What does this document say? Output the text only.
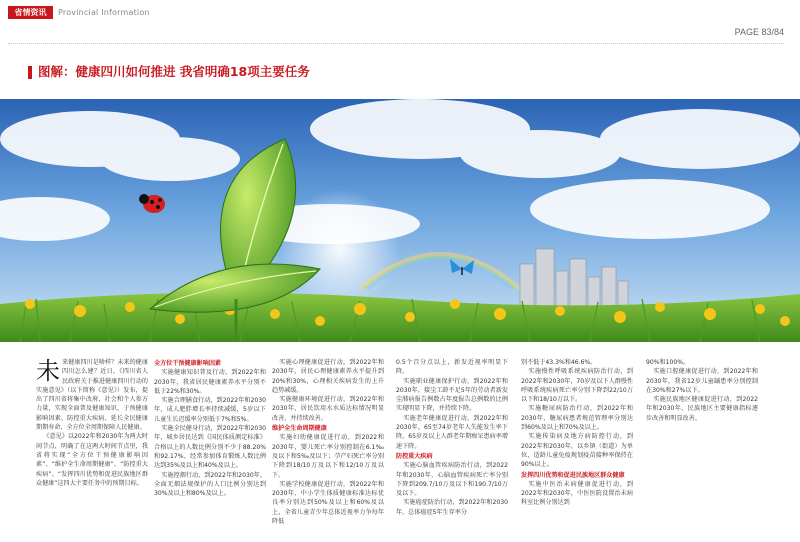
省情资讯	Provincial Information
PAGE 83/84
图解：健康四川如何推进 我省明确18项主要任务

未来健康四川是啥样？未来的健康四川怎么建？近日，《四川省人民政府关于推进健康四川行动的实施意见》（以下简称《意见》）发布，提出了四川省将集中改府、社会和个人参方力量，实现全面普及健康知识、于预健康影响因素、防控重大疾病、延长全民健康期期寿命、全方位全周期保障人民健康。

《意见》以2022年和2030年为两大时间节点，明确了在这两大时间节点里，我省将实现“全方位干预健康影响因素”、“维护全生命周期健康”、“防控重大疾病”、“发挥四川优势和促进民族地区群众健康”这四大主要任务中的预期目标。

全方位干预健康影响因素

实施健康知识普及行动，到2022年和2030年，我省居民健康素养水平分别不低于22%和30%。

实施合理膳食行动，到2022年和2030年，成人肥胖增长率持续减缓，5岁以下儿童生长迟缓率分别低于7%和5%。

实施全民健身行动，到2022年和2030年，城乡居民达到《国民体质测定标准》合格以上的人数比例分别不少于88.20%和92.17%，经常参加体育锻炼人数比例达到35%及以上和40%及以上。

实施控烟行动，到2022年和2030年，全面无烟法规保护的人口比例分别达到30%及以上和80%及以上。

实施心理健康促进行动，到2022年和2030年，居民心理健康素养水平提升到20%和30%，心理相关疾病发生的上升趋势减缓。

实施健康环境促进行动，到2022年和2030年，居民饮用水水质达标情况明显改善，并持续改善。

维护全生命周期健康

实施妇幼健康促进行动，到2022和2030年，婴儿死亡率分别控制在6.1‰及以下和5‰及以下；孕产妇死亡率分别下降到18/10万及以下和12/10万及以下。

实施学校健康促进行动，到2022年和2030年，中小学生体质健康标准达标优良率分别达到50%及以上和60%及以上，全省儿童青少年总体近视率力争每年降低

0.5个百分点以上，新发近视率明显下降。

实施职业健康保护行动，到2022年和2030年，接尘工龄不足5年的劳动者新发尘肺病报告例数占年度报告总例数的比例实现明显下降，并持续下降。

实施老年健康促进行动，到2022年和2030年，65至74岁老年人失能发生率下降，65岁及以上人群老年期痴呆患病率增速下降。

防控重大疾病

实施心脑血管疾病防治行动，到2022年和2030年，心脑血管疾病死亡率分别下降到209.7/10万及以下和190.7/10万及以下。

实施癌症防治行动，到2022年和2030年，总体癌症5年生存率分

别不低于43.3%和46.6%。

实施慢性呼吸系统疾病防治行动，到2022年和2030年，70岁及以下人群慢性呼吸系统疾病死亡率分别下降到22/10万以下和18/10万以下。

实施糖尿病防治行动，到2022年和2030年，糖尿病患者规范管理率分别达到60%及以上和70%及以上。

实施传染病及地方病防控行动，到2022年和2030年，以乡镇（街道）为单位，适龄儿童免疫规划疫苗接种率保持在90%以上。

发挥四川优势和促进民族地区群众健康

实施中医治未病健康促进行动，到2022年和2030年，中医医院设置治未病科室比例分别达到

90%和100%。

实施口腔健康促进行动，到2022年和2030年，我省12岁儿童龋患率分别控制在30%和27%以下。

实施民族地区健康促进行动，到2022年和2030年，民族地区主要健康指标逐步改善和明显改善。
